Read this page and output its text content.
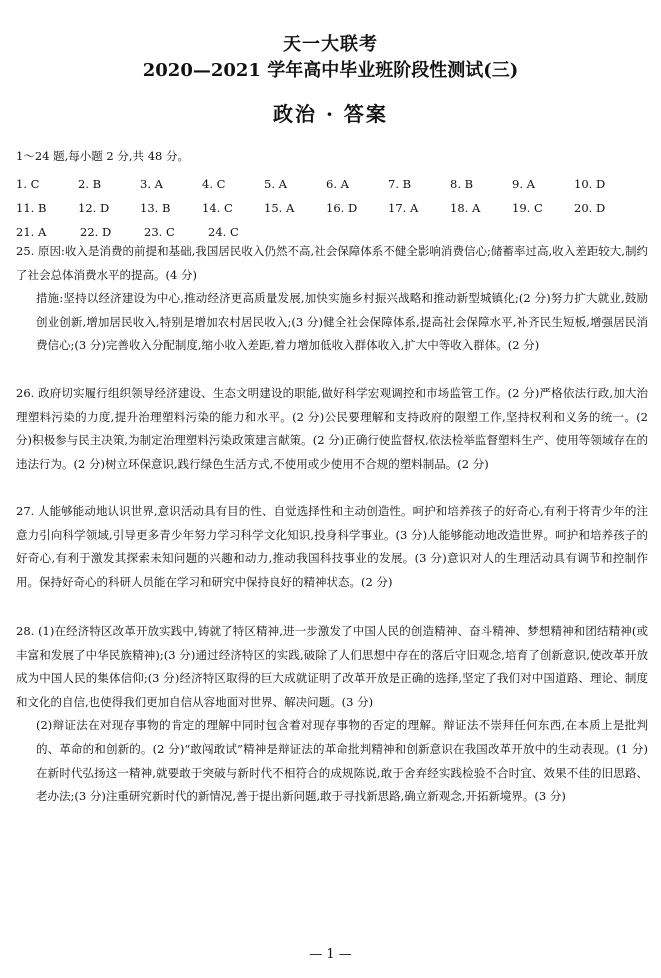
天一大联考
2020—2021 学年高中毕业班阶段性测试(三)
政治 · 答案
1～24 题,每小题 2 分,共 48 分。
1. C	2. B	3. A	4. C	5. A	6. A	7. B	8. B	9. A	10. D
11. B	12. D	13. B	14. C	15. A	16. D	17. A	18. A	19. C	20. D
21. A	22. D	23. C	24. C

25. 原因:收入是消费的前提和基础,我国居民收入仍然不高,社会保障体系不健全影响消费信心;储蓄率过高,收入差距较大,制约了社会总体消费水平的提高。(4 分)

措施:坚持以经济建设为中心,推动经济更高质量发展,加快实施乡村振兴战略和推动新型城镇化;(2 分)努力扩大就业,鼓励创业创新,增加居民收入,特别是增加农村居民收入;(3 分)健全社会保障体系,提高社会保障水平,补齐民生短板,增强居民消费信心;(3 分)完善收入分配制度,缩小收入差距,着力增加低收入群体收入,扩大中等收入群体。(2 分)

26. 政府切实履行组织领导经济建设、生态文明建设的职能,做好科学宏观调控和市场监管工作。(2 分)严格依法行政,加大治理塑料污染的力度,提升治理塑料污染的能力和水平。(2 分)公民要理解和支持政府的限塑工作,坚持权利和义务的统一。(2 分)积极参与民主决策,为制定治理塑料污染政策建言献策。(2 分)正确行使监督权,依法检举监督塑料生产、使用等领域存在的违法行为。(2 分)树立环保意识,践行绿色生活方式,不使用或少使用不合规的塑料制品。(2 分)

27. 人能够能动地认识世界,意识活动具有目的性、自觉选择性和主动创造性。呵护和培养孩子的好奇心,有利于将青少年的注意力引向科学领域,引导更多青少年努力学习科学文化知识,投身科学事业。(3 分)人能够能动地改造世界。呵护和培养孩子的好奇心,有利于激发其探索未知问题的兴趣和动力,推动我国科技事业的发展。(3 分)意识对人的生理活动具有调节和控制作用。保持好奇心的科研人员能在学习和研究中保持良好的精神状态。(2 分)

28. (1)在经济特区改革开放实践中,铸就了特区精神,进一步激发了中国人民的创造精神、奋斗精神、梦想精神和团结精神(或丰富和发展了中华民族精神);(3 分)通过经济特区的实践,破除了人们思想中存在的落后守旧观念,培育了创新意识,使改革开放成为中国人民的集体信仰;(3 分)经济特区取得的巨大成就证明了改革开放是正确的选择,坚定了我们对中国道路、理论、制度和文化的自信,也使得我们更加自信从容地面对世界、解决问题。(3 分)

(2)辩证法在对现存事物的肯定的理解中同时包含着对现存事物的否定的理解。辩证法不崇拜任何东西,在本质上是批判的、革命的和创新的。(2 分)“敢闯敢试”精神是辩证法的革命批判精神和创新意识在我国改革开放中的生动表现。(1 分)在新时代弘扬这一精神,就要敢于突破与新时代不相符合的成规陈说,敢于舍弃经实践检验不合时宜、效果不佳的旧思路、老办法;(3 分)注重研究新时代的新情况,善于提出新问题,敢于寻找新思路,确立新观念,开拓新境界。(3 分)

— 1 —
